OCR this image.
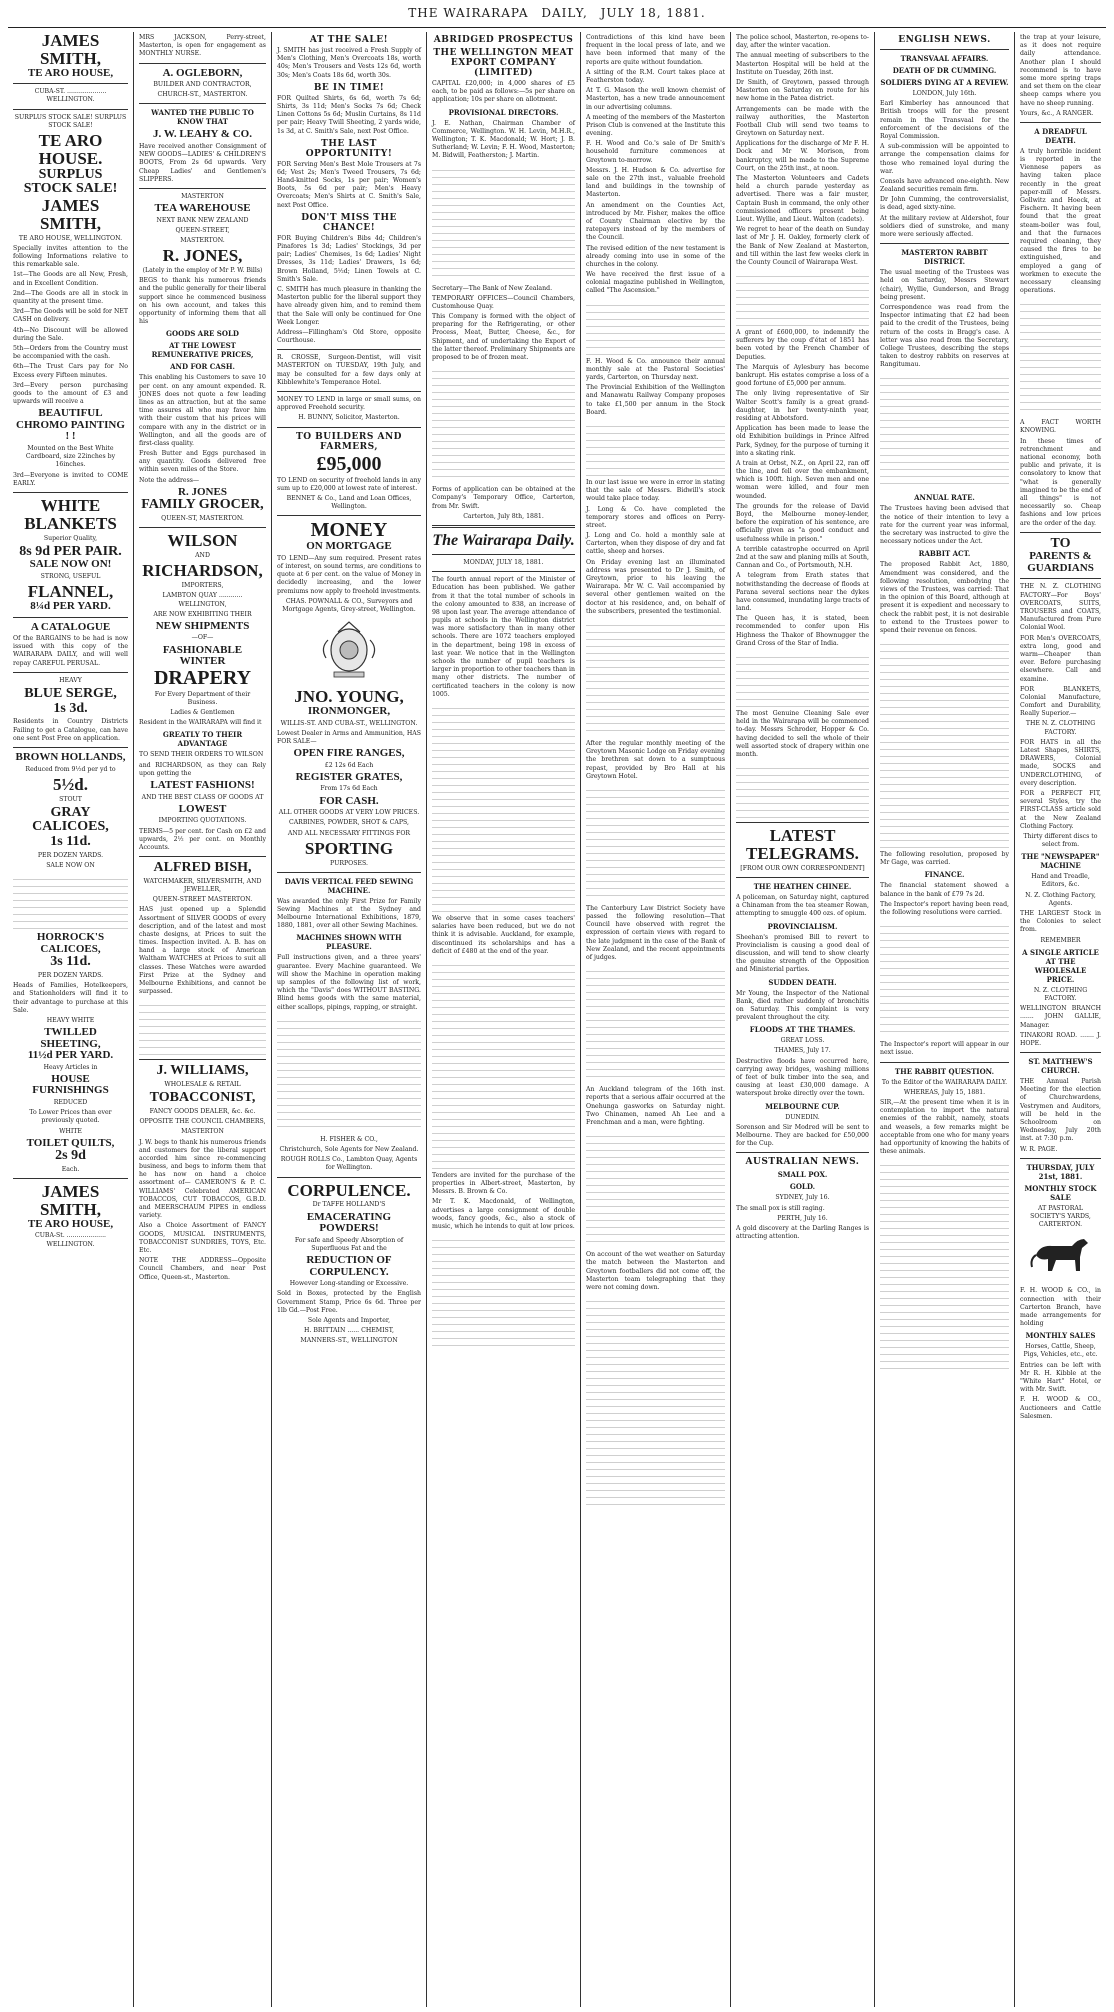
THE WAIRARAPA DAILY, JULY 18, 1881.
JAMES SMITH,
TE ARO HOUSE,
CUBA-ST. .................... WELLINGTON.
SURPLUS STOCK SALE! SURPLUS STOCK SALE!
TE ARO HOUSE.
SURPLUS STOCK SALE!
JAMES SMITH,
TE ARO HOUSE, WELLINGTON.
Specially invites attention to the following Informations relative to this remarkable sale.
1st—The Goods are all New, Fresh, and in Excellent Condition.
2nd—The Goods are all in stock in quantity at the present time.
3rd—The Goods will be sold for NET CASH on delivery.
4th—No Discount will be allowed during the Sale.
5th—Orders from the Country must be accompanied with the cash.
6th—The Trust Cars pay for No Excess every Fifteen minutes.
3rd—Every person purchasing goods to the amount of £3 and upwards will receive a
BEAUTIFUL
CHROMO PAINTING ! !
Mounted on the Best White Cardboard, size 22inches by 16inches.
3rd—Everyone is invited to COME EARLY.
WHITE BLANKETS
Superior Quality,
8s 9d PER PAIR.
SALE NOW ON!
STRONG, USEFUL
FLANNEL,
8¼d PER YARD.
A CATALOGUE
Of the BARGAINS to be had is now issued with this copy of the WAIRARAPA DAILY, and will well repay CAREFUL PERUSAL.
HEAVY
BLUE SERGE,
1s 3d.
Residents in Country Districts Failing to get a Catalogue, can have one sent Post Free on application.
BROWN HOLLANDS,
Reduced from 9½d per yd to
5½d.
STOUT
GRAY CALICOES,
1s 11d.
PER DOZEN YARDS.
SALE NOW ON
HORROCK'S CALICOES,
3s 11d.
PER DOZEN YARDS.
Heads of Families, Hotelkeepers, and Stationholders will find it to their advantage to purchase at this Sale.
HEAVY WHITE
TWILLED SHEETING,
11½d PER YARD.
Heavy Articles in
HOUSE FURNISHINGS
REDUCED
To Lower Prices than ever previously quoted.
WHITE
TOILET QUILTS,
2s 9d
Each.
JAMES SMITH,
TE ARO HOUSE,
CUBA-St. .................... WELLINGTON.
MRS JACKSON, Perry-street, Masterton, is open for engagement as MONTHLY NURSE.
A. OGLEBORN,
BUILDER AND CONTRACTOR,
CHURCH-ST., MASTERTON.
WANTED THE PUBLIC TO KNOW THAT
J. W. LEAHY & CO.
Have received another Consignment of NEW GOODS—LADIES' & CHILDREN'S BOOTS, From 2s 6d upwards. Very Cheap Ladies' and Gentlemen's SLIPPERS.
MASTERTON
TEA WAREHOUSE
NEXT BANK NEW ZEALAND
QUEEN-STREET,
MASTERTON.
R. JONES,
(Lately in the employ of Mr P. W. Bills)
BEGS to thank his numerous friends and the public generally for their liberal support since he commenced business on his own account, and takes this opportunity of informing them that all his
GOODS ARE SOLD
AT THE LOWEST REMUNERATIVE PRICES,
AND FOR CASH.
This enabling his Customers to save 10 per cent. on any amount expended. R. JONES does not quote a few leading lines as an attraction, but at the same time assures all who may favor him with their custom that his prices will compare with any in the district or in Wellington, and all the goods are of first-class quality.
Fresh Butter and Eggs purchased in any quantity. Goods delivered free within seven miles of the Store.
Note the address—
R. JONES
FAMILY GROCER,
QUEEN-ST, MASTERTON.
WILSON
AND
RICHARDSON,
IMPORTERS,
LAMBTON QUAY ............ WELLINGTON,
ARE NOW EXHIBITING THEIR
NEW SHIPMENTS
—OF—
FASHIONABLE WINTER
DRAPERY
For Every Department of their Business.
Ladies & Gentlemen
Resident in the WAIRARAPA will find it
GREATLY TO THEIR ADVANTAGE
TO SEND THEIR ORDERS TO WILSON
and RICHARDSON, as they can Rely upon getting the
LATEST FASHIONS!
AND THE BEST CLASS OF GOODS AT
LOWEST
IMPORTING QUOTATIONS.
TERMS—5 per cent. for Cash on £2 and upwards, 2½ per cent. on Monthly Accounts.
ALFRED BISH,
WATCHMAKER, SILVERSMITH, AND JEWELLER,
QUEEN-STREET MASTERTON.
HAS just opened up a Splendid Assortment of SILVER GOODS of every description, and of the latest and most chaste designs, at Prices to suit the times. Inspection invited. A. B. has on hand a large stock of American Waltham WATCHES at Prices to suit all classes. These Watches were awarded First Prize at the Sydney and Melbourne Exhibitions, and cannot be surpassed.
J. WILLIAMS,
WHOLESALE & RETAIL
TOBACCONIST,
FANCY GOODS DEALER, &c. &c.
OPPOSITE THE COUNCIL CHAMBERS,
MASTERTON
J. W. begs to thank his numerous friends and customers for the liberal support accorded him since re-commencing business, and begs to inform them that he has now on hand a choice assortment of— CAMERON'S & P. C. WILLIAMS' Celebrated AMERICAN TOBACCOS, CUT TOBACCOS, G.B.D. and MEERSCHAUM PIPES in endless variety.
Also a Choice Assortment of FANCY GOODS, MUSICAL INSTRUMENTS, TOBACCONIST SUNDRIES, TOYS, Etc. Etc.
NOTE THE ADDRESS—Opposite Council Chambers, and near Post Office, Queen-st., Masterton.
AT THE SALE!
J. SMITH has just received a Fresh Supply of Men's Clothing, Men's Overcoats 18s, worth 40s; Men's Trousers and Vests 12s 6d, worth 30s; Men's Coats 18s 6d, worth 30s.
BE IN TIME!
FOR Quilted Shirts, 6s 6d, worth 7s 6d; Shirts, 3s 11d; Men's Socks 7s 6d; Check Linen Cottons 5s 6d; Muslin Curtains, 8s 11d per pair; Heavy Twill Sheeting, 2 yards wide, 1s 3d, at C. Smith's Sale, next Post Office.
THE LAST OPPORTUNITY!
FOR Serving Men's Best Mole Trousers at 7s 6d; Vest 2s; Men's Tweed Trousers, 7s 6d; Hand-knitted Socks, 1s per pair; Women's Boots, 5s 6d per pair; Men's Heavy Overcoats; Men's Shirts at C. Smith's Sale, next Post Office.
DON'T MISS THE CHANCE!
FOR Buying Children's Bibs 4d; Children's Pinafores 1s 3d; Ladies' Stockings, 3d per pair; Ladies' Chemises, 1s 6d; Ladies' Night Dresses, 3s 11d; Ladies' Drawers, 1s 6d; Brown Holland, 5½d; Linen Towels at C. Smith's Sale.
C. SMITH has much pleasure in thanking the Masterton public for the liberal support they have already given him, and to remind them that the Sale will only be continued for One Week Longer.
Address—Fillingham's Old Store, opposite Courthouse.
R. CROSSE, Surgeon-Dentist, will visit MASTERTON on TUESDAY, 19th July, and may be consulted for a few days only at Kibblewhite's Temperance Hotel.
MONEY TO LEND in large or small sums, on approved Freehold security.
H. BUNNY, Solicitor, Masterton.
TO BUILDERS AND FARMERS,
£95,000
TO LEND on security of freehold lands in any sum up to £20,000 at lowest rate of interest.
BENNET & Co., Land and Loan Offices, Wellington.
MONEY
ON MORTGAGE
TO LEND—Any sum required. Present rates of interest, on sound terms, are conditions to quote at 6 per cent. on the value of Money in decidedly increasing, and the lower premiums now apply to freehold investments.
CHAS. POWNALL & CO., Surveyors and Mortgage Agents, Grey-street, Wellington.
JNO. YOUNG,
IRONMONGER,
WILLIS-ST. AND CUBA-ST., WELLINGTON.
Lowest Dealer in Arms and Ammunition, HAS FOR SALE—
OPEN FIRE RANGES,
£2 12s 6d Each
REGISTER GRATES,
From 17s 6d Each
FOR CASH.
ALL OTHER GOODS AT VERY LOW PRICES.
CARBINES, POWDER, SHOT & CAPS,
AND ALL NECESSARY FITTINGS FOR
SPORTING
PURPOSES.
DAVIS VERTICAL FEED SEWING MACHINE.
Was awarded the only First Prize for Family Sewing Machines at the Sydney and Melbourne International Exhibitions, 1879, 1880, 1881, over all other Sewing Machines.
MACHINES SHOWN WITH PLEASURE.
Full instructions given, and a three years' guarantee. Every Machine guaranteed. We will show the Machine in operation making up samples of the following list of work, which the "Davis" does WITHOUT BASTING. Blind hems goods with the same material, either scallops, pipings, rapping, or straight.
H. FISHER & CO.,
Christchurch, Sole Agents for New Zealand.
ROUGH ROLLS Co., Lambton Quay, Agents for Wellington.
CORPULENCE.
Dr TAFFE HOLLAND'S
EMACERATING POWDERS!
For safe and Speedy Absorption of Superfluous Fat and the
REDUCTION OF CORPULENCY.
However Long-standing or Excessive.
Sold in Boxes, protected by the English Government Stamp, Price 6s 6d. Three per 1lb Gd.—Post Free.
Sole Agents and Importer,
H. BRITTAIN ...... CHEMIST,
MANNERS-ST., WELLINGTON
ABRIDGED PROSPECTUS
THE WELLINGTON MEAT EXPORT COMPANY (LIMITED)
CAPITAL £20,000; in 4,000 shares of £5 each, to be paid as follows:—5s per share on application; 10s per share on allotment.
PROVISIONAL DIRECTORS.
J. E. Nathan, Chairman Chamber of Commerce, Wellington. W. H. Levin, M.H.R., Wellington; T. K. Macdonald; W. Hort; J. B. Sutherland; W. Levin; F. H. Wood, Masterton; M. Bidwill, Featherston; J. Martin.
Secretary—The Bank of New Zealand.
TEMPORARY OFFICES—Council Chambers, Customhouse Quay.
This Company is formed with the object of preparing for the Refrigerating, or other Process, Meat, Butter, Cheese, &c., for Shipment, and of undertaking the Export of the latter thereof. Preliminary Shipments are proposed to be of frozen meat.
Forms of application can be obtained at the Company's Temporary Office, Carterton, from Mr. Swift.
Carterton, July 8th, 1881.
The Wairarapa Daily.
MONDAY, JULY 18, 1881.
The fourth annual report of the Minister of Education has been published. We gather from it that the total number of schools in the colony amounted to 838, an increase of 98 upon last year. The average attendance of pupils at schools in the Wellington district was more satisfactory than in many other schools. There are 1072 teachers employed in the department, being 198 in excess of last year. We notice that in the Wellington schools the number of pupil teachers is larger in proportion to other teachers than in many other districts. The number of certificated teachers in the colony is now 1005.
We observe that in some cases teachers' salaries have been reduced, but we do not think it is advisable. Auckland, for example, discontinued its scholarships and has a deficit of £480 at the end of the year.
Tenders are invited for the purchase of the properties in Albert-street, Masterton, by Messrs. B. Brown & Co.
Mr T. K. Macdonald, of Wellington, advertises a large consignment of double woods, fancy goods, &c., also a stock of music, which he intends to quit at low prices.
Contradictions of this kind have been frequent in the local press of late, and we have been informed that many of the reports are quite without foundation.
A sitting of the R.M. Court takes place at Featherston today.
At T. G. Mason the well known chemist of Masterton, has a new trade announcement in our advertising columns.
A meeting of the members of the Masterton Prison Club is convened at the Institute this evening.
F. H. Wood and Co.'s sale of Dr Smith's household furniture commences at Greytown to-morrow.
Messrs. J. H. Hudson & Co. advertise for sale on the 27th inst., valuable freehold land and buildings in the township of Masterton.
An amendment on the Counties Act, introduced by Mr. Fisher, makes the office of County Chairman elective by the ratepayers instead of by the members of the Council.
The revised edition of the new testament is already coming into use in some of the churches in the colony.
We have received the first issue of a colonial magazine published in Wellington, called "The Ascension."
F. H. Wood & Co. announce their annual monthly sale at the Pastoral Societies' yards, Carterton, on Thursday next.
The Provincial Exhibition of the Wellington and Manawatu Railway Company proposes to take £1,500 per annum in the Stock Board.
In our last issue we were in error in stating that the sale of Messrs. Bidwill's stock would take place today.
J. Long & Co. have completed the temporary stores and offices on Perry-street.
J. Long and Co. hold a monthly sale at Carterton, when they dispose of dry and fat cattle, sheep and horses.
On Friday evening last an illuminated address was presented to Dr J. Smith, of Greytown, prior to his leaving the Wairarapa. Mr W. C. Vail accompanied by several other gentlemen waited on the doctor at his residence, and, on behalf of the subscribers, presented the testimonial.
After the regular monthly meeting of the Greytown Masonic Lodge on Friday evening the brethren sat down to a sumptuous repast, provided by Bro Hall at his Greytown Hotel.
The Canterbury Law District Society have passed the following resolution—That Council have observed with regret the expression of certain views with regard to the late judgment in the case of the Bank of New Zealand, and the recent appointments of judges.
An Auckland telegram of the 16th inst. reports that a serious affair occurred at the Onehunga gasworks on Saturday night. Two Chinamen, named Ah Lee and a Frenchman and a man, were fighting.
On account of the wet weather on Saturday the match between the Masterton and Greytown footballers did not come off, the Masterton team telegraphing that they were not coming down.
The police school, Masterton, re-opens to-day, after the winter vacation.
The annual meeting of subscribers to the Masterton Hospital will be held at the Institute on Tuesday, 26th inst.
Dr Smith, of Greytown, passed through Masterton on Saturday en route for his new home in the Patea district.
Arrangements can be made with the railway authorities, the Masterton Football Club will send two teams to Greytown on Saturday next.
Applications for the discharge of Mr F. H. Dock and Mr W. Morison, from bankruptcy, will be made to the Supreme Court, on the 25th inst., at noon.
The Masterton Volunteers and Cadets held a church parade yesterday as advertised. There was a fair muster, Captain Bush in command, the only other commissioned officers present being Lieut. Wyllie, and Lieut. Walton (cadets).
We regret to hear of the death on Sunday last of Mr J. H. Oakley, formerly clerk of the Bank of New Zealand at Masterton, and till within the last few weeks clerk in the County Council of Wairarapa West.
A grant of £600,000, to indemnify the sufferers by the coup d'état of 1851 has been voted by the French Chamber of Deputies.
The Marquis of Aylesbury has become bankrupt. His estates comprise a loss of a good fortune of £5,000 per annum.
The only living representative of Sir Walter Scott's family is a great grand-daughter, in her twenty-ninth year, residing at Abbotsford.
Application has been made to lease the old Exhibition buildings in Prince Alfred Park, Sydney, for the purpose of turning it into a skating rink.
A train at Orbst, N.Z., on April 22, ran off the line, and fell over the embankment, which is 100ft. high. Seven men and one woman were killed, and four men wounded.
The grounds for the release of David Boyd, the Melbourne money-lender, before the expiration of his sentence, are officially given as "a good conduct and usefulness while in prison."
A terrible catastrophe occurred on April 2nd at the saw and planing mills at South, Cannan and Co., of Portsmouth, N.H.
A telegram from Erath states that notwithstanding the decrease of floods at Parana several sections near the dykes have consumed, inundating large tracts of land.
The Queen has, it is stated, been recommended to confer upon His Highness the Thakor of Bhownugger the Grand Cross of the Star of India.
The most Genuine Cleaning Sale ever held in the Wairarapa will be commenced to-day. Messrs Schroder, Hopper & Co. having decided to sell the whole of their well assorted stock of drapery within one month.
LATEST
TELEGRAMS.
[FROM OUR OWN CORRESPONDENT]
THE HEATHEN CHINEE.
A policeman, on Saturday night, captured a Chinaman from the tea steamer Rowan, attempting to smuggle 400 ozs. of opium.
PROVINCIALISM.
Sheehan's promised Bill to revert to Provincialism is causing a good deal of discussion, and will tend to show clearly the genuine strength of the Opposition and Ministerial parties.
SUDDEN DEATH.
Mr Young, the Inspector of the National Bank, died rather suddenly of bronchitis on Saturday. This complaint is very prevalent throughout the city.
FLOODS AT THE THAMES.
GREAT LOSS.
THAMES, July 17.
Destructive floods have occurred here, carrying away bridges, washing millions of feet of bulk timber into the sea, and causing at least £30,000 damage. A waterspout broke directly over the town.
MELBOURNE CUP.
DUNEDIN.
Sorenson and Sir Modred will be sent to Melbourne. They are backed for £50,000 for the Cup.
AUSTRALIAN NEWS.
SMALL POX.
GOLD.
SYDNEY, July 16.
The small pox is still raging.
PERTH, July 16.
A gold discovery at the Darling Ranges is attracting attention.
ENGLISH NEWS.
TRANSVAAL AFFAIRS.
DEATH OF DR CUMMING.
SOLDIERS DYING AT A REVIEW.
LONDON, July 16th.
Earl Kimberley has announced that British troops will for the present remain in the Transvaal for the enforcement of the decisions of the Royal Commission.
A sub-commission will be appointed to arrange the compensation claims for those who remained loyal during the war.
Consols have advanced one-eighth. New Zealand securities remain firm.
Dr John Cumming, the controversialist, is dead, aged sixty-nine.
At the military review at Aldershot, four soldiers died of sunstroke, and many more were seriously affected.
MASTERTON RABBIT DISTRICT.
The usual meeting of the Trustees was held on Saturday, Messrs Stewart (chair), Wyllie, Gunderson, and Bragg being present.
Correspondence was read from the Inspector intimating that £2 had been paid to the credit of the Trustees, being return of the costs in Bragg's case. A letter was also read from the Secretary, College Trustees, describing the steps taken to destroy rabbits on reserves at Rangitumau.
ANNUAL RATE.
The Trustees having been advised that the notice of their intention to levy a rate for the current year was informal, the secretary was instructed to give the necessary notices under the Act.
RABBIT ACT.
The proposed Rabbit Act, 1880, Amendment was considered, and the following resolution, embodying the views of the Trustees, was carried: That in the opinion of this Board, although at present it is expedient and necessary to check the rabbit pest, it is not desirable to extend to the Trustees power to spend their revenue on fences.
The following resolution, proposed by Mr Gage, was carried.
FINANCE.
The financial statement showed a balance in the bank of £79 7s 2d.
The Inspector's report having been read, the following resolutions were carried.
The Inspector's report will appear in our next issue.
THE RABBIT QUESTION.
To the Editor of the WAIRARAPA DAILY.
WHEREAS, July 15, 1881.
SIR,—At the present time when it is in contemplation to import the natural enemies of the rabbit, namely, stoats and weasels, a few remarks might be acceptable from one who for many years had opportunity of knowing the habits of these animals.
the trap at your leisure, as it does not require daily attendance. Another plan I should recommend is to have some more spring traps and set them on the clear sheep camps where you have no sheep running.
Yours, &c., A RANGER.
A DREADFUL DEATH.
A truly horrible incident is reported in the Viennese papers as having taken place recently in the great paper-mill of Messrs. Gollwitz and Hoeck, at Fischern. It having been found that the great steam-boiler was foul, and that the furnaces required cleaning, they caused the fires to be extinguished, and employed a gang of workmen to execute the necessary cleansing operations.
A FACT WORTH KNOWING.
In these times of retrenchment and national economy, both public and private, it is consolatory to know that "what is generally imagined to be the end of all things" is not necessarily so. Cheap fashions and low prices are the order of the day.
TO
PARENTS & GUARDIANS
THE N. Z. CLOTHING FACTORY—For Boys' OVERCOATS, SUITS, TROUSERS and COATS, Manufactured from Pure Colonial Wool.
FOR Men's OVERCOATS, extra long, good and warm—Cheaper than ever. Before purchasing elsewhere. Call and examine.
FOR BLANKETS, Colonial Manufacture, Comfort and Durability, Really Superior.—
THE N. Z. CLOTHING FACTORY.
FOR HATS in all the Latest Shapes, SHIRTS, DRAWERS, Colonial made, SOCKS and UNDERCLOTHING, of every description.
FOR a PERFECT FIT, several Styles, try the FIRST-CLASS article sold at the New Zealand Clothing Factory.
Thirty different discs to select from.
THE "NEWSPAPER" MACHINE
Hand and Treadle, Editors, &c.
N. Z. Clothing Factory, Agents.
THE LARGEST Stock in the Colonies to select from.
REMEMBER
A SINGLE ARTICLE AT THE WHOLESALE PRICE.
N. Z. CLOTHING FACTORY.
WELLINGTON BRANCH ....... JOHN GALLIE, Manager.
TINAKORI ROAD. ....... J. HOPE.
ST. MATTHEW'S CHURCH.
THE Annual Parish Meeting for the election of Churchwardens, Vestrymen and Auditors, will be held in the Schoolroom on Wednesday, July 20th inst. at 7:30 p.m.
W. R. PAGE.
THURSDAY, JULY 21st, 1881.
MONTHLY STOCK SALE
AT PASTORAL SOCIETY'S YARDS, CARTERTON.
F. H. WOOD & CO., in connection with their Carterton Branch, have made arrangements for holding
MONTHLY SALES
Horses, Cattle, Sheep, Pigs, Vehicles, etc., etc.
Entries can be left with Mr R. H. Kibble at the "White Hart" Hotel, or with Mr. Swift.
F. H. WOOD & CO., Auctioneers and Cattle Salesmen.
